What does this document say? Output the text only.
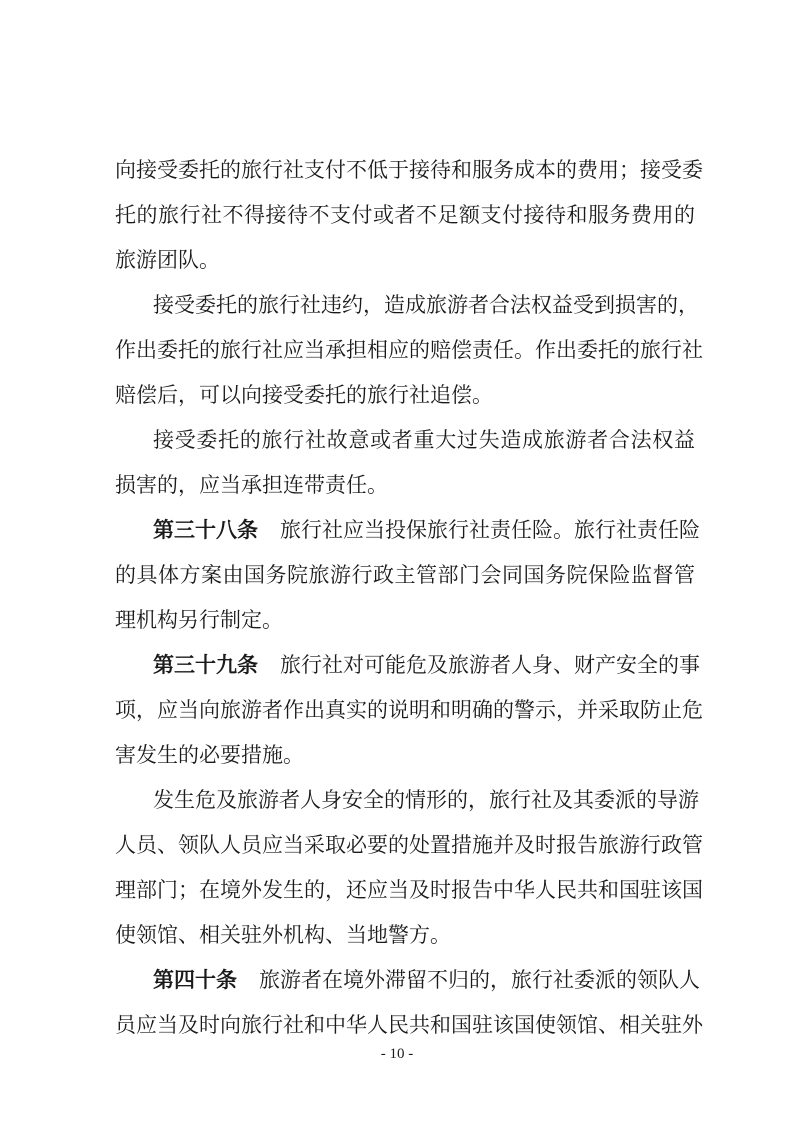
向接受委托的旅行社支付不低于接待和服务成本的费用；接受委
托的旅行社不得接待不支付或者不足额支付接待和服务费用的
旅游团队。
接受委托的旅行社违约，造成旅游者合法权益受到损害的，
作出委托的旅行社应当承担相应的赔偿责任。作出委托的旅行社
赔偿后，可以向接受委托的旅行社追偿。
接受委托的旅行社故意或者重大过失造成旅游者合法权益
损害的，应当承担连带责任。
第三十八条 旅行社应当投保旅行社责任险。旅行社责任险
的具体方案由国务院旅游行政主管部门会同国务院保险监督管
理机构另行制定。
第三十九条 旅行社对可能危及旅游者人身、财产安全的事
项，应当向旅游者作出真实的说明和明确的警示，并采取防止危
害发生的必要措施。
发生危及旅游者人身安全的情形的，旅行社及其委派的导游
人员、领队人员应当采取必要的处置措施并及时报告旅游行政管
理部门；在境外发生的，还应当及时报告中华人民共和国驻该国
使领馆、相关驻外机构、当地警方。
第四十条 旅游者在境外滞留不归的，旅行社委派的领队人
员应当及时向旅行社和中华人民共和国驻该国使领馆、相关驻外
- 10 -
